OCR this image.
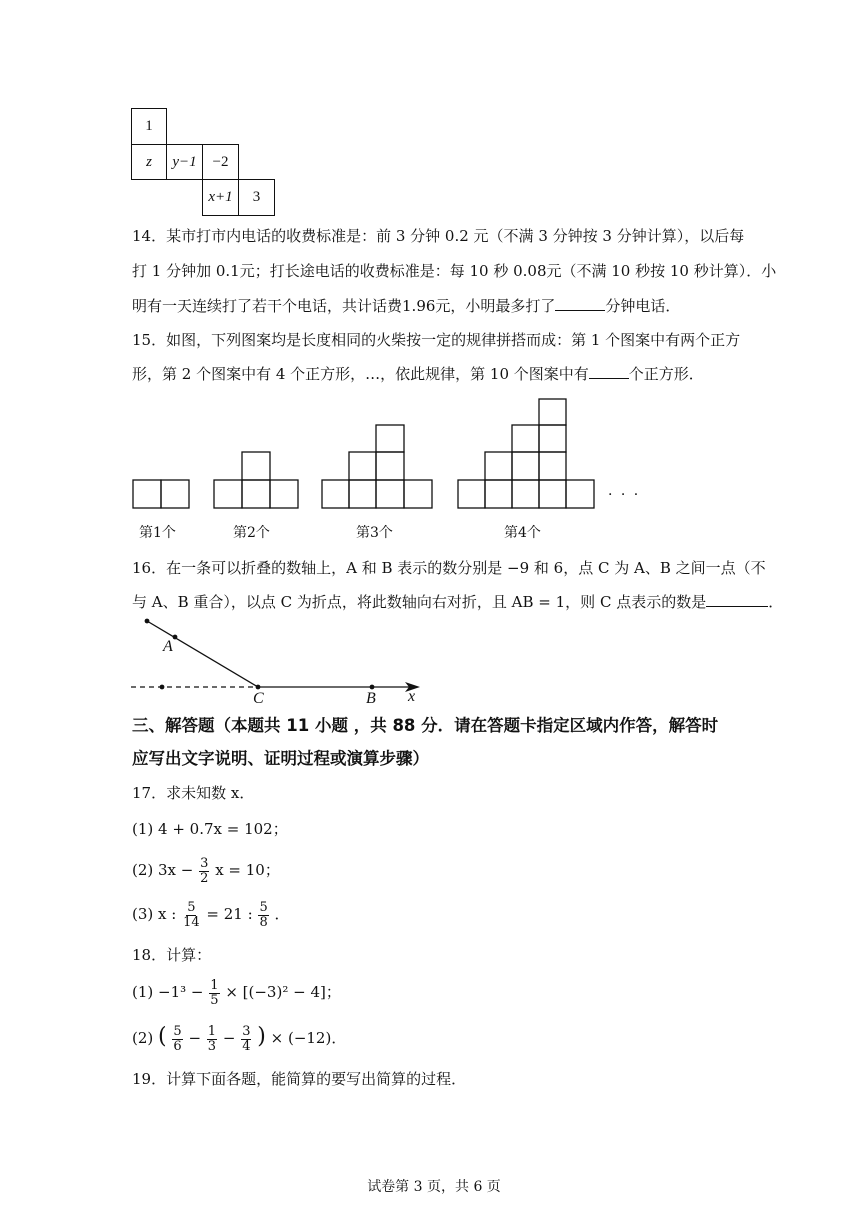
1
z y−1 −2
x+1 3
14．某市打市内电话的收费标准是：前 3 分钟 0.2 元（不满 3 分钟按 3 分钟计算），以后每
打 1 分钟加 0.1元；打长途电话的收费标准是：每 10 秒 0.08元（不满 10 秒按 10 秒计算）．小
明有一天连续打了若干个电话，共计话费1.96元，小明最多打了	分钟电话．
15．如图，下列图案均是长度相同的火柴按一定的规律拼搭而成：第 1 个图案中有两个正方
形，第 2 个图案中有 4 个正方形，…，依此规律，第 10 个图案中有	个正方形．
· · ·
第1个	第2个	第3个	第4个
16．在一条可以折叠的数轴上，A 和 B 表示的数分别是 −9 和 6，点 C 为 A、B 之间一点（不
与 A、B 重合），以点 C 为折点，将此数轴向右对折，且 AB = 1，则 C 点表示的数是	．
A
C	B x
三、解答题（本题共 11 小题 ，共 88 分．请在答题卡指定区域内作答，解答时
应写出文字说明、证明过程或演算步骤）
17．求未知数 x．
(1) 4 + 0.7x = 102；
(2) $3x - \frac{3}{2}$ x = 10；
(3) x : $\frac{5}{14} = 21$ : $\frac{5}{8}$ ．
18．计算：
$(1) -1^3 - \frac{1}{5} \times [(-3)^2 - 4]$；
(2) ( $\frac{5}{6} - \frac{1}{3} - \frac{3}{4}$ ) × (−12)．
19．计算下面各题，能简算的要写出简算的过程．
试卷第 3 页，共 6 页
